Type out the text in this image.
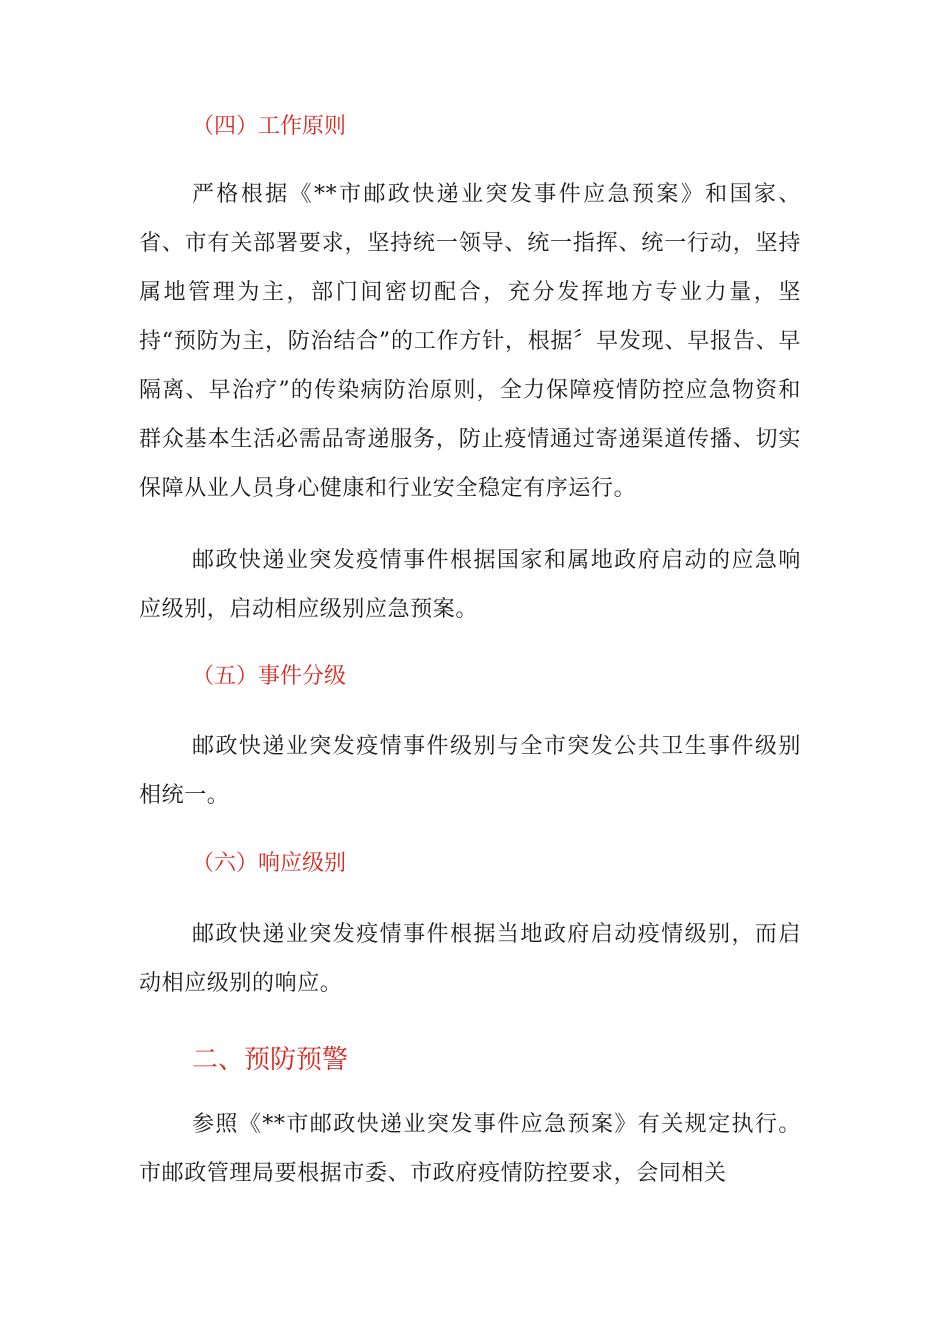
（四）工作原则

严格根据《**市邮政快递业突发事件应急预案》和国家、省、市有关部署要求，坚持统一领导、统一指挥、统一行动，坚持属地管理为主，部门间密切配合，充分发挥地方专业力量，坚持“预防为主，防治结合”的工作方针，根据〞早发现、早报告、早隔离、早治疗”的传染病防治原则，全力保障疫情防控应急物资和群众基本生活必需品寄递服务，防止疫情通过寄递渠道传播、切实保障从业人员身心健康和行业安全稳定有序运行。

邮政快递业突发疫情事件根据国家和属地政府启动的应急响应级别，启动相应级别应急预案。

（五）事件分级

邮政快递业突发疫情事件级别与全市突发公共卫生事件级别相统一。

（六）响应级别

邮政快递业突发疫情事件根据当地政府启动疫情级别，而启动相应级别的响应。

二、预防预警

参照《**市邮政快递业突发事件应急预案》有关规定执行。市邮政管理局要根据市委、市政府疫情防控要求，会同相关
